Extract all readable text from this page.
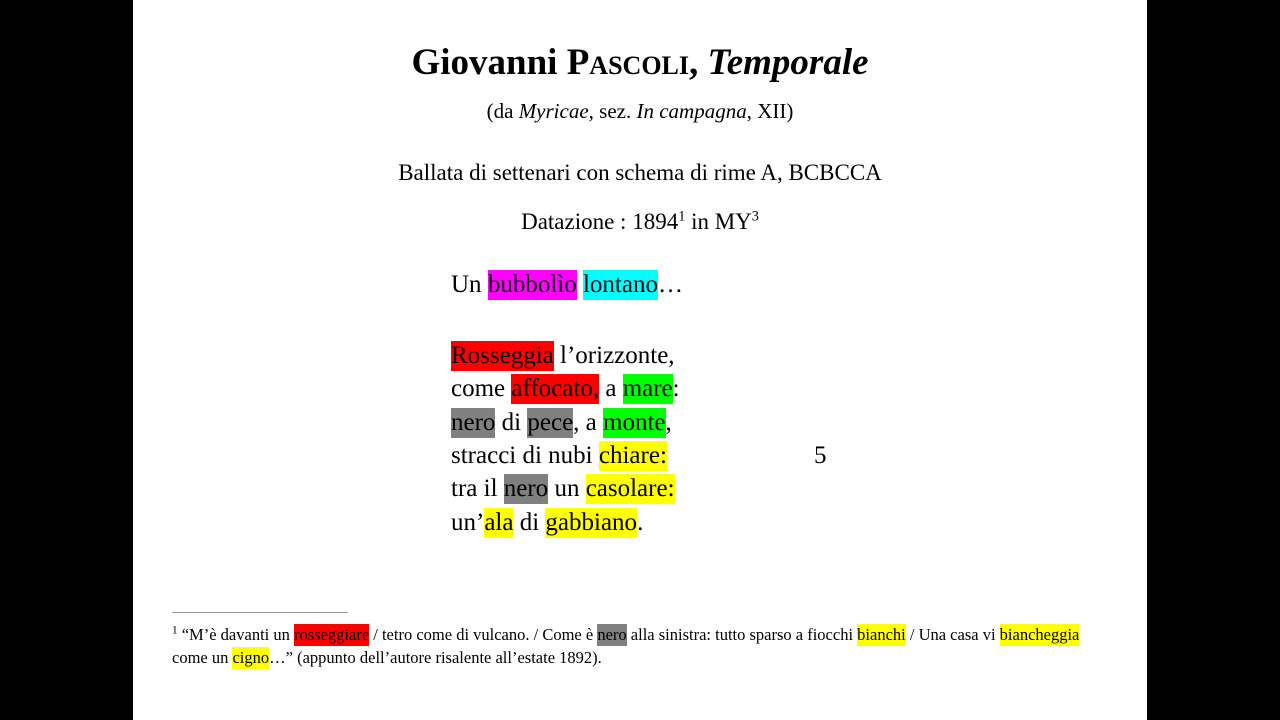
Giovanni Pascoli, Temporale
(da Myricae, sez. In campagna, XII)
Ballata di settenari con schema di rime A, BCBCCA
Datazione : 1894$^1$ in $MY^3$
Un bubbolìo lontano…
Rosseggia l’orizzonte,
come affocato, a mare:
nero di pece, a monte,
stracci di nubi chiare:	5
tra il nero un casolare:
un’ala di gabbiano.
$^1$ “M’è davanti un rosseggiare / tetro come di vulcano. / Come è nero alla sinistra: tutto sparso a fiocchi bianchi / Una casa vi biancheggia come un cigno…” (appunto dell’autore risalente all’estate 1892).
